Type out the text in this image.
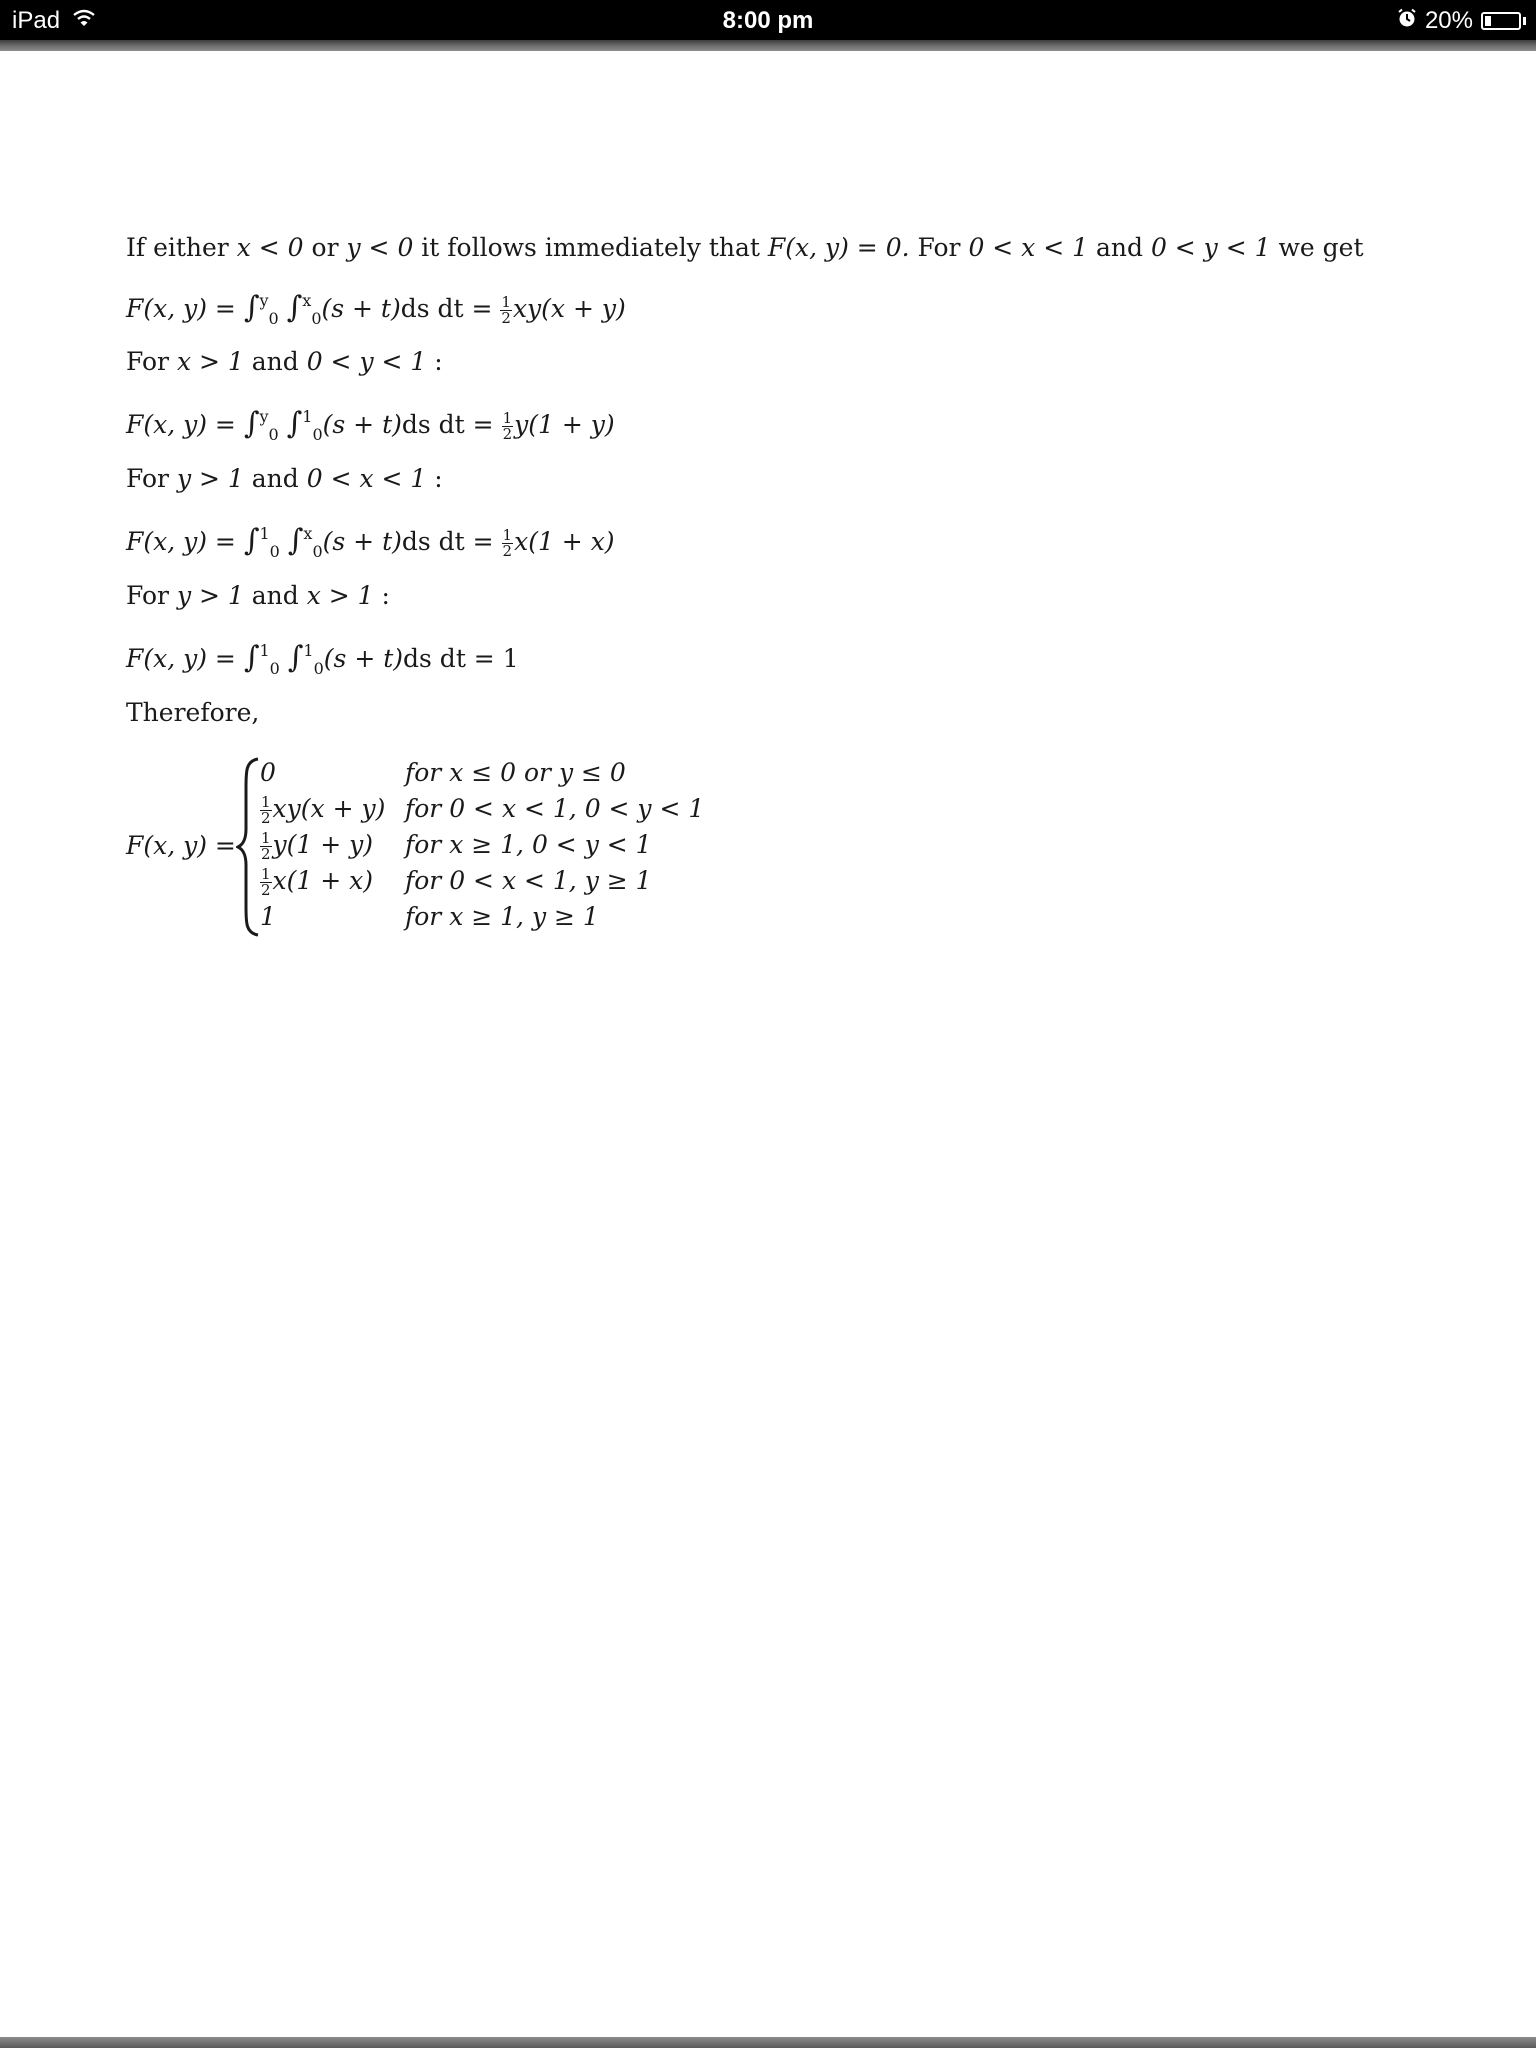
iPad	8:00 pm	20%
If either x < 0 or y < 0 it follows immediately that F(x, y) = 0. For 0 < x < 1 and 0 < y < 1 we get
F(x, y) = ∫$^y_0$ ∫$^x_0$(s + t)ds dt = $\frac{1}{2} xy(x + y)$
For x > 1 and 0 < y < 1 :
F(x, y) = ∫$^y_0$ ∫$^1_0$(s + t)ds dt = $\frac{1}{2} y(1 + y)$
For y > 1 and 0 < x < 1 :
F(x, y) = ∫$^1_0$ ∫$^x_0$(s + t)ds dt = $\frac{1}{2} x(1 + x)$
For y > 1 and x > 1 :
F(x, y) = ∫$^1_0$ ∫$^1_0$(s + t)ds dt = 1
Therefore,
F(x, y) =
0	for x ≤ 0 or y ≤ 0
$\frac{1}{2} xy(x + y)$ for 0 < x < 1, 0 < y < 1
$\frac{1}{2} y(1 + y)$ for x ≥ 1, 0 < y < 1
$\frac{1}{2} x(1 + x)$ for 0 < x < 1, y ≥ 1
1	for x ≥ 1, y ≥ 1
